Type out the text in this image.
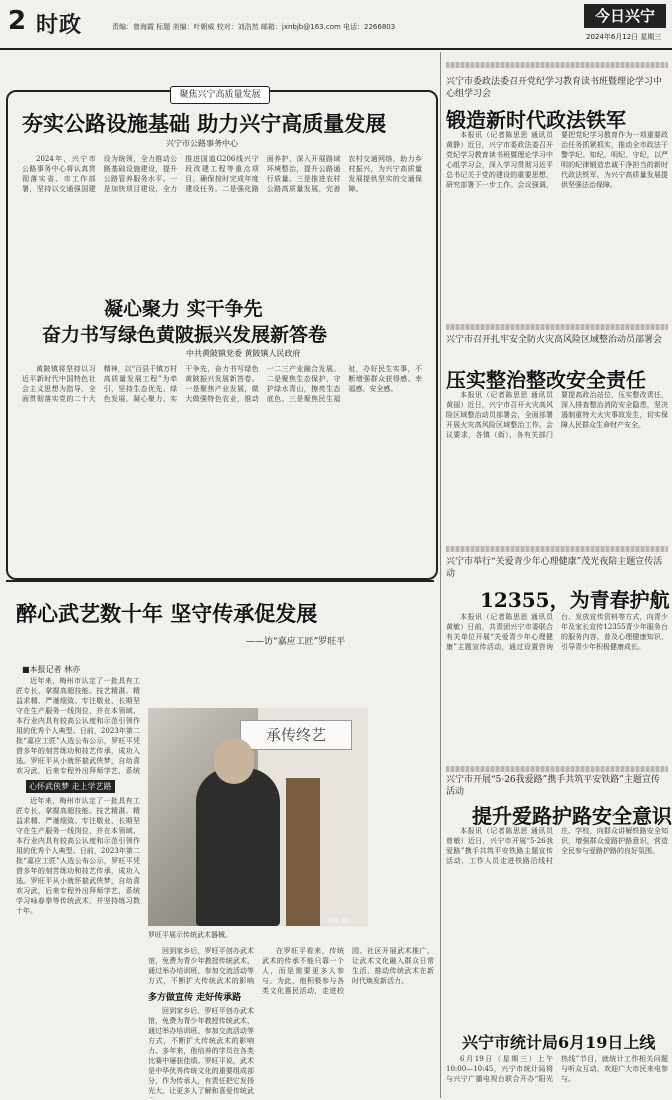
2 时政	责编：曾海霞 标题 美编：叶朝威 校对：刘浩然 邮箱：jxnbjb@163.com 电话：2266803
今日兴宁
2024年6月12日 星期三
聚焦兴宁高质量发展
夯实公路设施基础 助力兴宁高质量发展
兴宁市公路事务中心

2024年，兴宁市公路事务中心将认真贯彻落实省、市工作部署，坚持以交通强国建设为统领，全力推动公路基础设施建设，提升公路管养服务水平。一是加快项目建设，全力推进国道G206线兴宁段改建工程等重点项目，确保按时完成年度建设任务。二是强化路面养护，深入开展路域环境整治，提升公路通行质量。三是推进农村公路高质量发展，完善农村交通网络，助力乡村振兴，为兴宁高质量发展提供坚实的交通保障。

凝心聚力 实干争先
奋力书写绿色黄陂振兴发展新答卷
中共黄陂镇党委 黄陂镇人民政府

黄陂镇将坚持以习近平新时代中国特色社会主义思想为指导，全面贯彻落实党的二十大精神，以“百县千镇万村高质量发展工程”为牵引，坚持生态优先、绿色发展，凝心聚力、实干争先，奋力书写绿色黄陂振兴发展新答卷。一是聚焦产业发展，做大做强特色农业，推动一二三产业融合发展。二是聚焦生态保护，守护绿水青山，擦亮生态底色。三是聚焦民生福祉，办好民生实事，不断增强群众获得感、幸福感、安全感。

醉心武艺数十年 坚守传承促发展
——访“嘉应工匠”罗旺平
■本报记者 林亦

近年来，梅州市认定了一批具有工匠专长、掌握高超技能、技艺精湛、精益求精、严谨细致、专注敬业、长期坚守在生产服务一线岗位，并在本领域、本行业内具有较高公认度和示范引领作用的优秀个人典型。日前，2023年第二批“嘉应工匠”人选公布公示，罗旺平凭借多年的刻苦练功和技艺传承，成功入选。罗旺平从小就怀揣武侠梦，自幼喜欢习武，后来专程外出拜师学艺，系统

心怀武侠梦 走上学艺路

近年来，梅州市认定了一批具有工匠专长、掌握高超技能、技艺精湛、精益求精、严谨细致、专注敬业、长期坚守在生产服务一线岗位，并在本领域、本行业内具有较高公认度和示范引领作用的优秀个人典型。日前，2023年第二批“嘉应工匠”人选公布公示，罗旺平凭借多年的刻苦练功和技艺传承，成功入选。罗旺平从小就怀揣武侠梦，自幼喜欢习武，后来专程外出拜师学艺，系统学习咏春拳等传统武术，并坚持练习数十年。

承传终艺
（黄凯 摄）
罗旺平展示传统武术器械。

回到家乡后，罗旺平创办武术馆，免费为青少年教授传统武术，通过举办培训班、参加交流活动等方式，不断扩大传统武术的影响

多方做宣传 走好传承路

回到家乡后，罗旺平创办武术馆，免费为青少年教授传统武术，通过举办培训班、参加交流活动等方式，不断扩大传统武术的影响力。多年来，他培养的学员在各类比赛中屡获佳绩。罗旺平说，武术是中华优秀传统文化的重要组成部分，作为传承人，有责任把它发扬光大，让更多人了解和喜爱传统武

在罗旺平看来，传统武术的传承不能只靠一个人，而是需要更多人参与。为此，他积极参与各类文化惠民活动，走进校园、社区开展武术推广，让武术文化融入群众日常生活，推动传统武术在新时代焕发新活力。

兴宁市委政法委召开党纪学习教育读书班暨理论学习中心组学习会
锻造新时代政法铁军

本报讯（记者陈思思 通讯员黄静）近日，兴宁市委政法委召开党纪学习教育读书班暨理论学习中心组学习会，深入学习贯彻习近平总书记关于党的建设的重要思想，研究部署下一步工作。会议强调，要把党纪学习教育作为一项重要政治任务抓紧抓实，推动全市政法干警学纪、知纪、明纪、守纪，以严明的纪律锻造忠诚干净担当的新时代政法铁军，为兴宁高质量发展提供坚强法治保障。

兴宁市召开扎牢安全防火灾高风险区域整治动员部署会
压实整治整改安全责任

本报讯（记者陈思思 通讯员黄丽）近日，兴宁市召开火灾高风险区域整治动员部署会，全面部署开展火灾高风险区域整治工作。会议要求，各镇（街）、各有关部门要提高政治站位，压实整改责任，深入排查整治消防安全隐患，坚决遏制重特大火灾事故发生，切实保障人民群众生命财产安全。

兴宁市举行“关爱青少年心理健康”茂光夜陪主题宣传活动
12355，为青春护航

本报讯（记者陈思思 通讯员黄敏）日前，共青团兴宁市委联合有关单位开展“关爱青少年心理健康”主题宣传活动，通过设置咨询台、发放宣传资料等方式，向青少年及家长宣传12355青少年服务台的服务内容，普及心理健康知识，引导青少年积极健康成长。

兴宁市开展“5·26我爱路”携手共筑平安铁路”主题宣传活动
提升爱路护路安全意识

本报讯（记者陈思思 通讯员曾敏）近日，兴宁市开展“5·26我爱路”携手共筑平安铁路主题宣传活动，工作人员走进铁路沿线村庄、学校，向群众讲解铁路安全知识，增强群众爱路护路意识，营造全民参与爱路护路的良好氛围。

兴宁市统计局6月19日上线

6月19日（星期三）上午10:00—10:45，兴宁市统计局将与兴宁广播电视台联合开办“阳光热线”节目，就统计工作相关问题与听众互动，欢迎广大市民来电参与。
